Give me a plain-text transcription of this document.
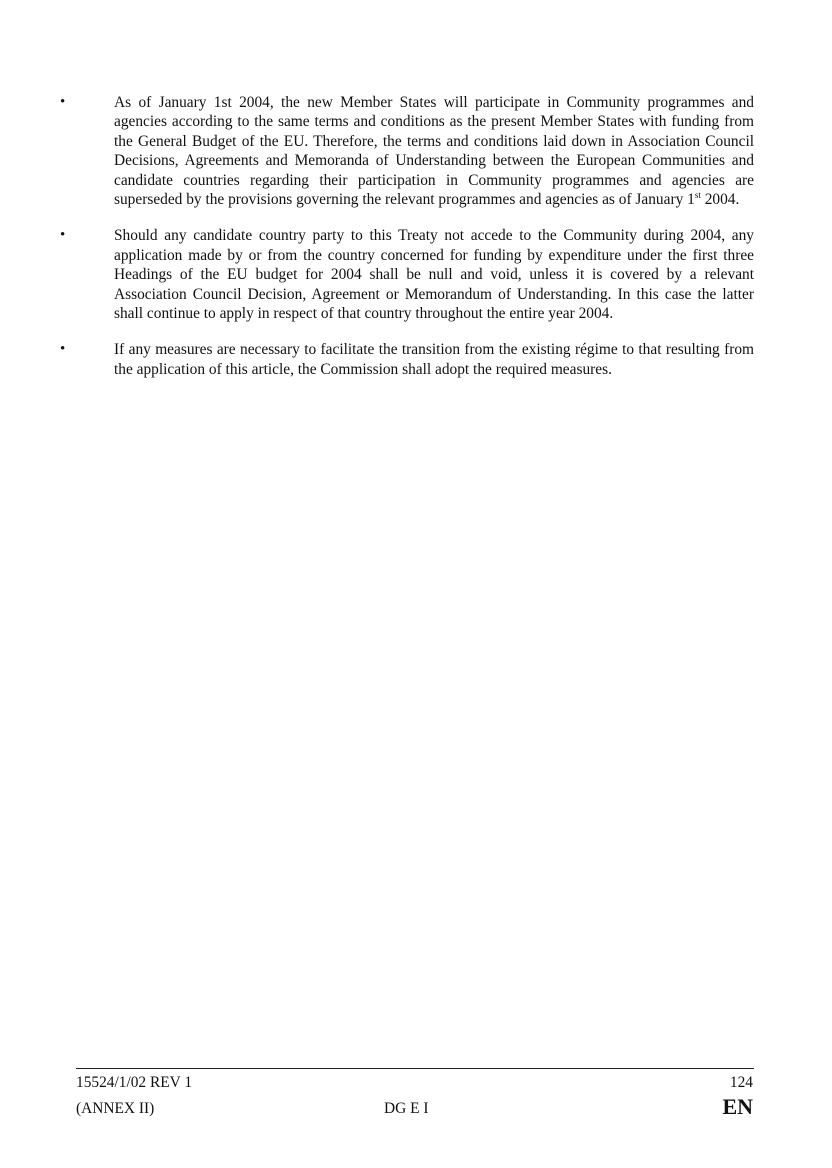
•	As of January 1st 2004, the new Member States will participate in Community programmes and agencies according to the same terms and conditions as the present Member States with funding from the General Budget of the EU. Therefore, the terms and conditions laid down in Association Council Decisions, Agreements and Memoranda of Understanding between the European Communities and candidate countries regarding their participation in Community programmes and agencies are superseded by the provisions governing the relevant programmes and agencies as of January 1st 2004.
•	Should any candidate country party to this Treaty not accede to the Community during 2004, any application made by or from the country concerned for funding by expenditure under the first three Headings of the EU budget for 2004 shall be null and void, unless it is covered by a relevant Association Council Decision, Agreement or Memorandum of Understanding. In this case the latter shall continue to apply in respect of that country throughout the entire year 2004.
•	If any measures are necessary to facilitate the transition from the existing régime to that resulting from the application of this article, the Commission shall adopt the required measures.
15524/1/02 REV 1
(ANNEX II)	DG E I
124
EN
